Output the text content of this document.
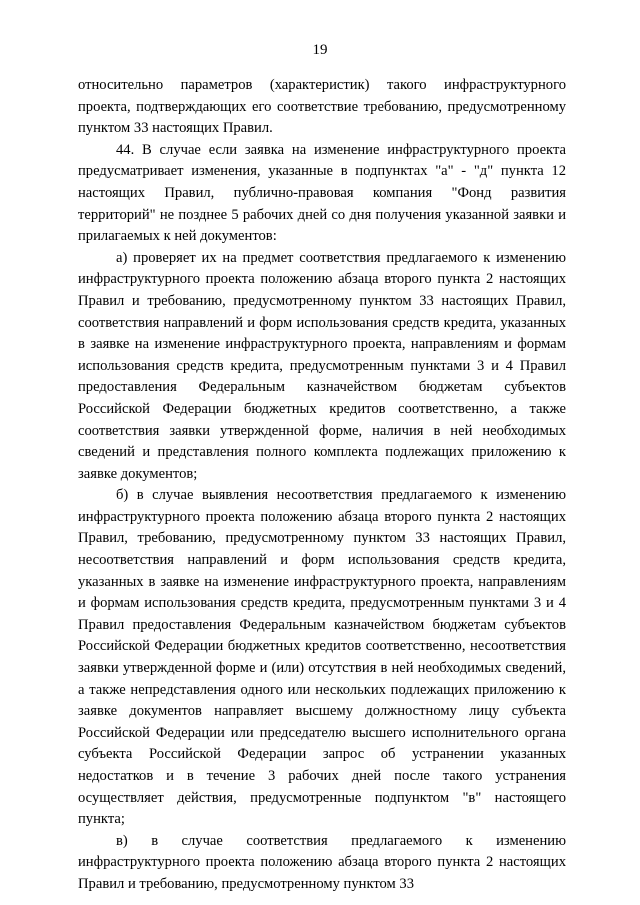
19

относительно параметров (характеристик) такого инфраструктурного проекта, подтверждающих его соответствие требованию, предусмотренному пунктом 33 настоящих Правил.

44. В случае если заявка на изменение инфраструктурного проекта предусматривает изменения, указанные в подпунктах "а" - "д" пункта 12 настоящих Правил, публично-правовая компания "Фонд развития территорий" не позднее 5 рабочих дней со дня получения указанной заявки и прилагаемых к ней документов:

а) проверяет их на предмет соответствия предлагаемого к изменению инфраструктурного проекта положению абзаца второго пункта 2 настоящих Правил и требованию, предусмотренному пунктом 33 настоящих Правил, соответствия направлений и форм использования средств кредита, указанных в заявке на изменение инфраструктурного проекта, направлениям и формам использования средств кредита, предусмотренным пунктами 3 и 4 Правил предоставления Федеральным казначейством бюджетам субъектов Российской Федерации бюджетных кредитов соответственно, а также соответствия заявки утвержденной форме, наличия в ней необходимых сведений и представления полного комплекта подлежащих приложению к заявке документов;

б) в случае выявления несоответствия предлагаемого к изменению инфраструктурного проекта положению абзаца второго пункта 2 настоящих Правил, требованию, предусмотренному пунктом 33 настоящих Правил, несоответствия направлений и форм использования средств кредита, указанных в заявке на изменение инфраструктурного проекта, направлениям и формам использования средств кредита, предусмотренным пунктами 3 и 4 Правил предоставления Федеральным казначейством бюджетам субъектов Российской Федерации бюджетных кредитов соответственно, несоответствия заявки утвержденной форме и (или) отсутствия в ней необходимых сведений, а также непредставления одного или нескольких подлежащих приложению к заявке документов направляет высшему должностному лицу субъекта Российской Федерации или председателю высшего исполнительного органа субъекта Российской Федерации запрос об устранении указанных недостатков и в течение 3 рабочих дней после такого устранения осуществляет действия, предусмотренные подпунктом "в" настоящего пункта;

в) в случае соответствия предлагаемого к изменению инфраструктурного проекта положению абзаца второго пункта 2 настоящих Правил и требованию, предусмотренному пунктом 33
